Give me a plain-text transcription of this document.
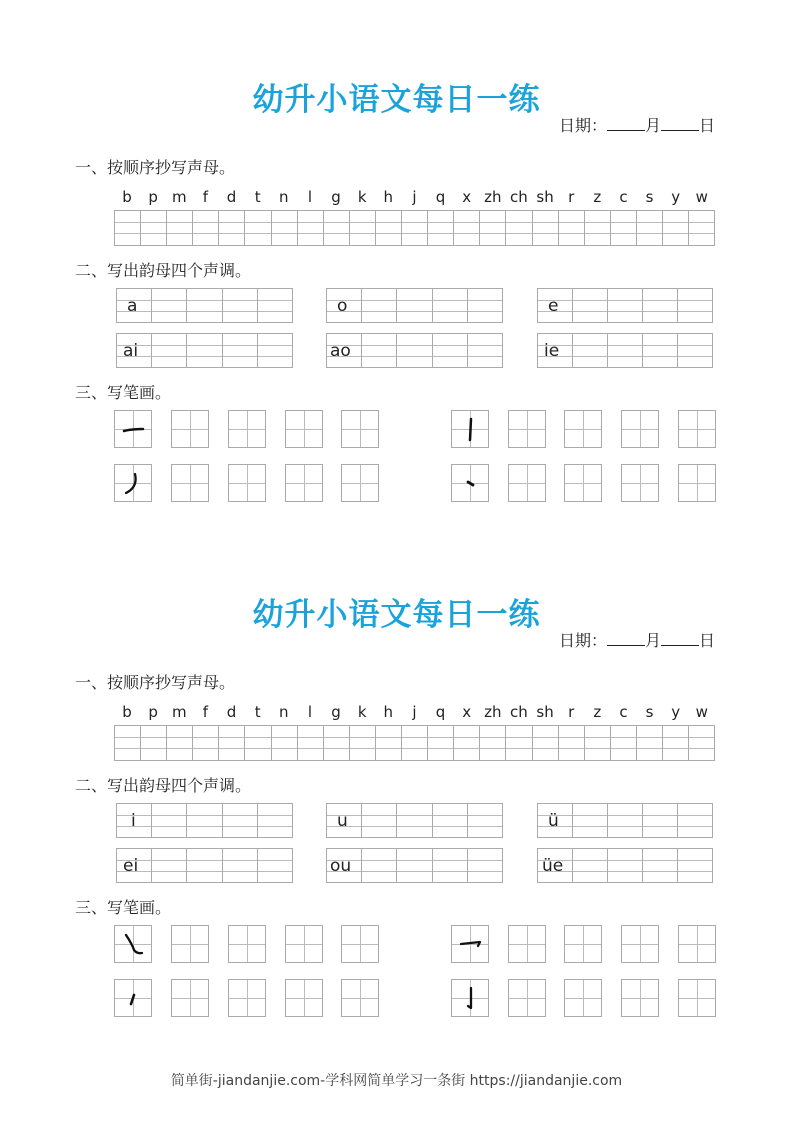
幼升小语文每日一练
日期： 月 日
一、按顺序抄写声母。
b	p m	f	d	t	n	l	g	k	h	j	q	x zh ch sh r	z	c	s	y	w
二、写出韵母四个声调。
a	o	e
ai	ao	ie
三、写笔画。
幼升小语文每日一练
日期： 月 日
一、按顺序抄写声母。
b	p m	f	d	t	n	l	g	k	h	j	q	x zh ch sh r	z	c	s	y	w
二、写出韵母四个声调。
i	u	ü
ei	ou	üe
三、写笔画。
简单街-jiandanjie.com-学科网简单学习一条街 https://jiandanjie.com
